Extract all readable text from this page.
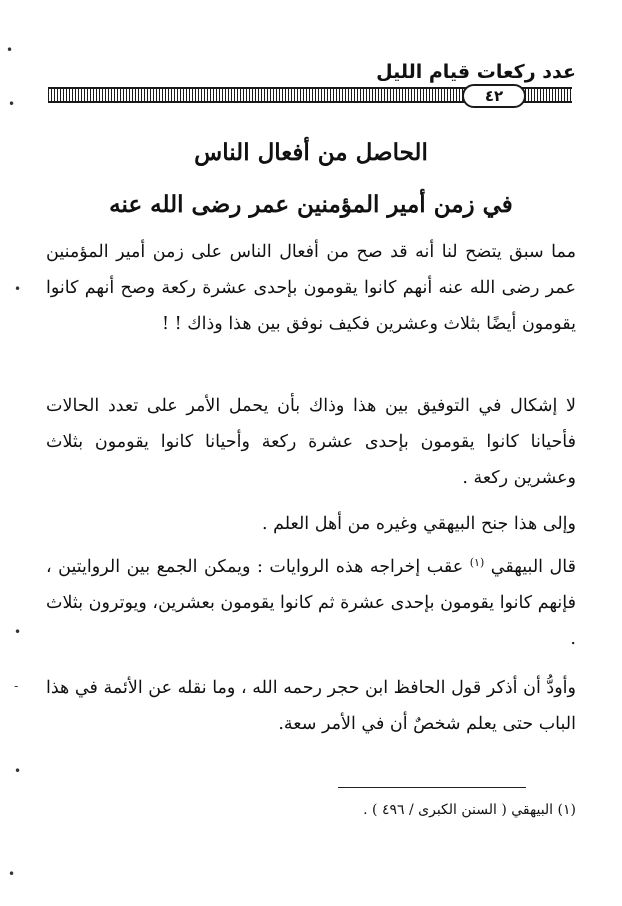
•
•
•
•
-
•
•
عدد ركعات قيام الليل
٤٢
الحاصل من أفعال الناس
في زمن أمير المؤمنين عمر رضى الله عنه

مما سبق يتضح لنا أنه قد صح من أفعال الناس على زمن أمير المؤمنين عمر رضى الله عنه أنهم كانوا يقومون بإحدى عشرة ركعة وصح أنهم كانوا يقومون أيضًا بثلاث وعشرين فكيف نوفق بين هذا وذاك ! !

لا إشكال في التوفيق بين هذا وذاك بأن يحمل الأمر على تعدد الحالات فأحيانا كانوا يقومون بإحدى عشرة ركعة وأحيانا كانوا يقومون بثلاث وعشرين ركعة .

وإلى هذا جنح البيهقي وغيره من أهل العلم .

قال البيهقي $^{(١)}$ عقب إخراجه هذه الروايات : ويمكن الجمع بين الروايتين ، فإنهم كانوا يقومون بإحدى عشرة ثم كانوا يقومون بعشرين، ويوترون بثلاث .

وأودُّ أن أذكر قول الحافظ ابن حجر رحمه الله ، وما نقله عن الأئمة في هذا الباب حتى يعلم شخصٌ أن في الأمر سعة.

(١) البيهقي ( السنن الكبرى / ٤٩٦ ) .
